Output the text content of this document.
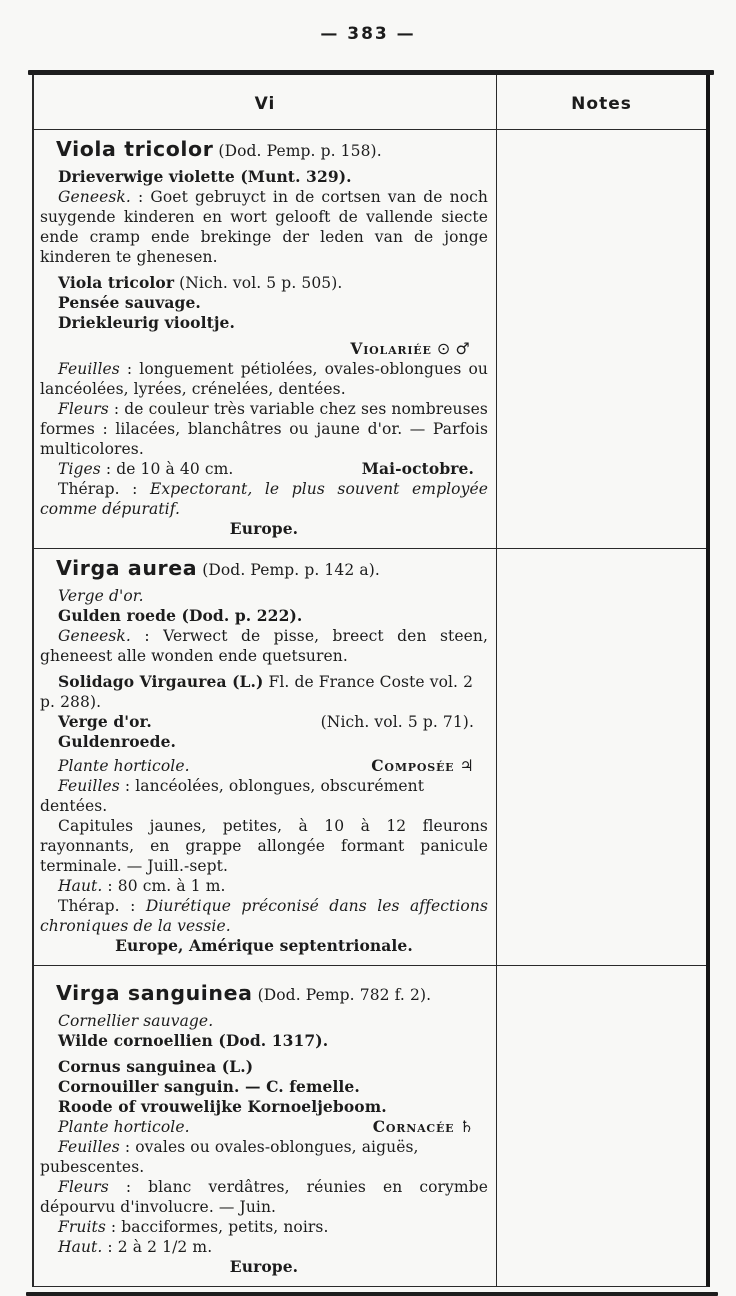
— 383 —
Vi	Notes
Viola tricolor (Dod. Pemp. p. 158).
Drieverwige violette (Munt. 329).
Geneesk. : Goet gebruyct in de cortsen van de noch suygende kinderen en wort gelooft de vallende siecte ende cramp ende brekinge der leden van de jonge kinderen te ghenesen.
Viola tricolor (Nich. vol. 5 p. 505).
Pensée sauvage.
Driekleurig viooltje.
Violariée ⊙ ♂
Feuilles : longuement pétiolées, ovales-oblongues ou lancéolées, lyrées, crénelées, dentées.
Fleurs : de couleur très variable chez ses nombreuses formes : lilacées, blanchâtres ou jaune d'or. — Parfois multicolores.
Tiges : de 10 à 40 cm.	Mai-octobre.
Thérap. : Expectorant, le plus souvent employée comme dépuratif.
Europe.
Virga aurea (Dod. Pemp. p. 142 a).
Verge d'or.
Gulden roede (Dod. p. 222).
Geneesk. : Verwect de pisse, breect den steen, gheneest alle wonden ende quetsuren.
Solidago Virgaurea (L.) Fl. de France Coste vol. 2 p. 288).
Verge d'or.	(Nich. vol. 5 p. 71).
Guldenroede.
Plante horticole.	Composée ♃
Feuilles : lancéolées, oblongues, obscurément dentées.
Capitules jaunes, petites, à 10 à 12 fleurons rayonnants, en grappe allongée formant panicule terminale. — Juill.-sept.
Haut. : 80 cm. à 1 m.
Thérap. : Diurétique préconisé dans les affections chroniques de la vessie.
Europe, Amérique septentrionale.
Virga sanguinea (Dod. Pemp. 782 f. 2).
Cornellier sauvage.
Wilde cornoellien (Dod. 1317).
Cornus sanguinea (L.)
Cornouiller sanguin. — C. femelle.
Roode of vrouwelijke Kornoeljeboom.
Plante horticole.	Cornacée ♄
Feuilles : ovales ou ovales-oblongues, aiguës, pubescentes.
Fleurs : blanc verdâtres, réunies en corymbe dépourvu d'involucre. — Juin.
Fruits : bacciformes, petits, noirs.
Haut. : 2 à 2 1/2 m.
Europe.
